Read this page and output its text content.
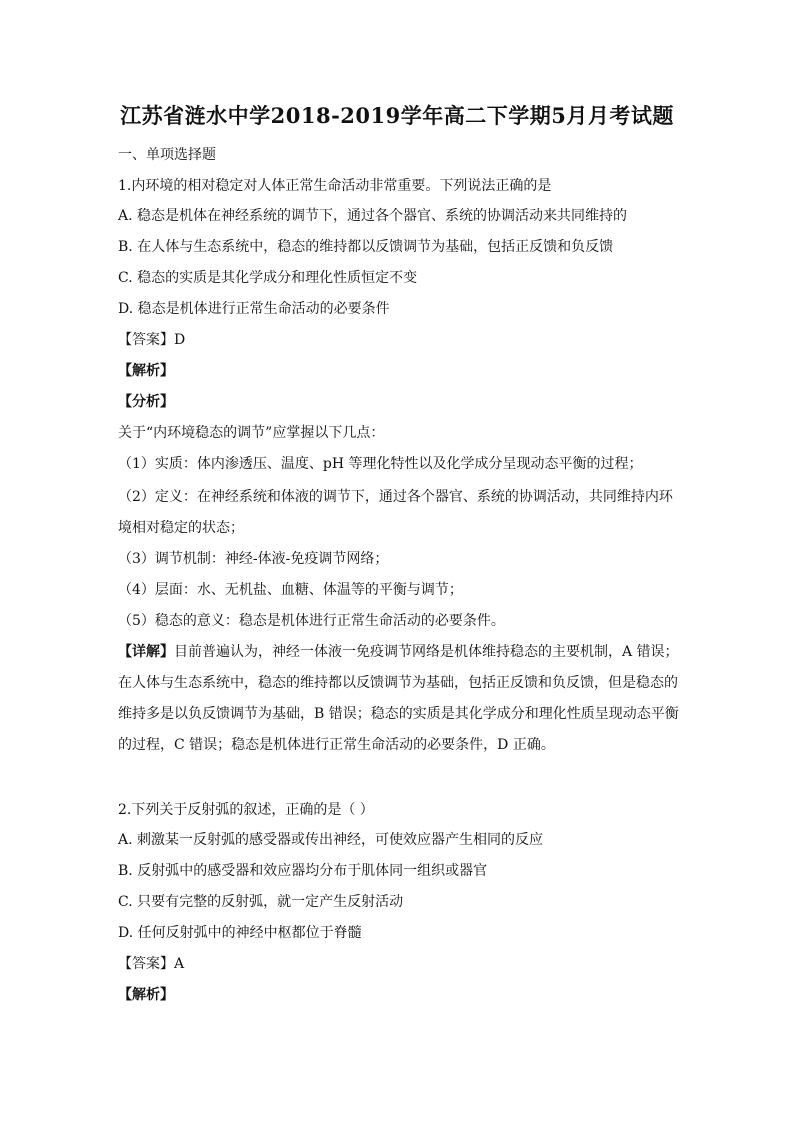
江苏省涟水中学2018-2019学年高二下学期5月月考试题
一、单项选择题
1.内环境的相对稳定对人体正常生命活动非常重要。下列说法正确的是
A. 稳态是机体在神经系统的调节下，通过各个器官、系统的协调活动来共同维持的
B. 在人体与生态系统中，稳态的维持都以反馈调节为基础，包括正反馈和负反馈
C. 稳态的实质是其化学成分和理化性质恒定不变
D. 稳态是机体进行正常生命活动的必要条件
【答案】D
【解析】
【分析】
关于“内环境稳态的调节”应掌握以下几点：
（1）实质：体内渗透压、温度、pH 等理化特性以及化学成分呈现动态平衡的过程；
（2）定义：在神经系统和体液的调节下，通过各个器官、系统的协调活动，共同维持内环
境相对稳定的状态；
（3）调节机制：神经-体液-免疫调节网络；
（4）层面：水、无机盐、血糖、体温等的平衡与调节；
（5）稳态的意义：稳态是机体进行正常生命活动的必要条件。
【详解】目前普遍认为，神经一体液一免疫调节网络是机体维持稳态的主要机制，A 错误；
在人体与生态系统中，稳态的维持都以反馈调节为基础，包括正反馈和负反馈，但是稳态的
维持多是以负反馈调节为基础，B 错误；稳态的实质是其化学成分和理化性质呈现动态平衡
的过程，C 错误；稳态是机体进行正常生命活动的必要条件，D 正确。
2.下列关于反射弧的叙述，正确的是（ ）
A. 刺激某一反射弧的感受器或传出神经，可使效应器产生相同的反应
B. 反射弧中的感受器和效应器均分布于肌体同一组织或器官
C. 只要有完整的反射弧，就一定产生反射活动
D. 任何反射弧中的神经中枢都位于脊髓
【答案】A
【解析】
